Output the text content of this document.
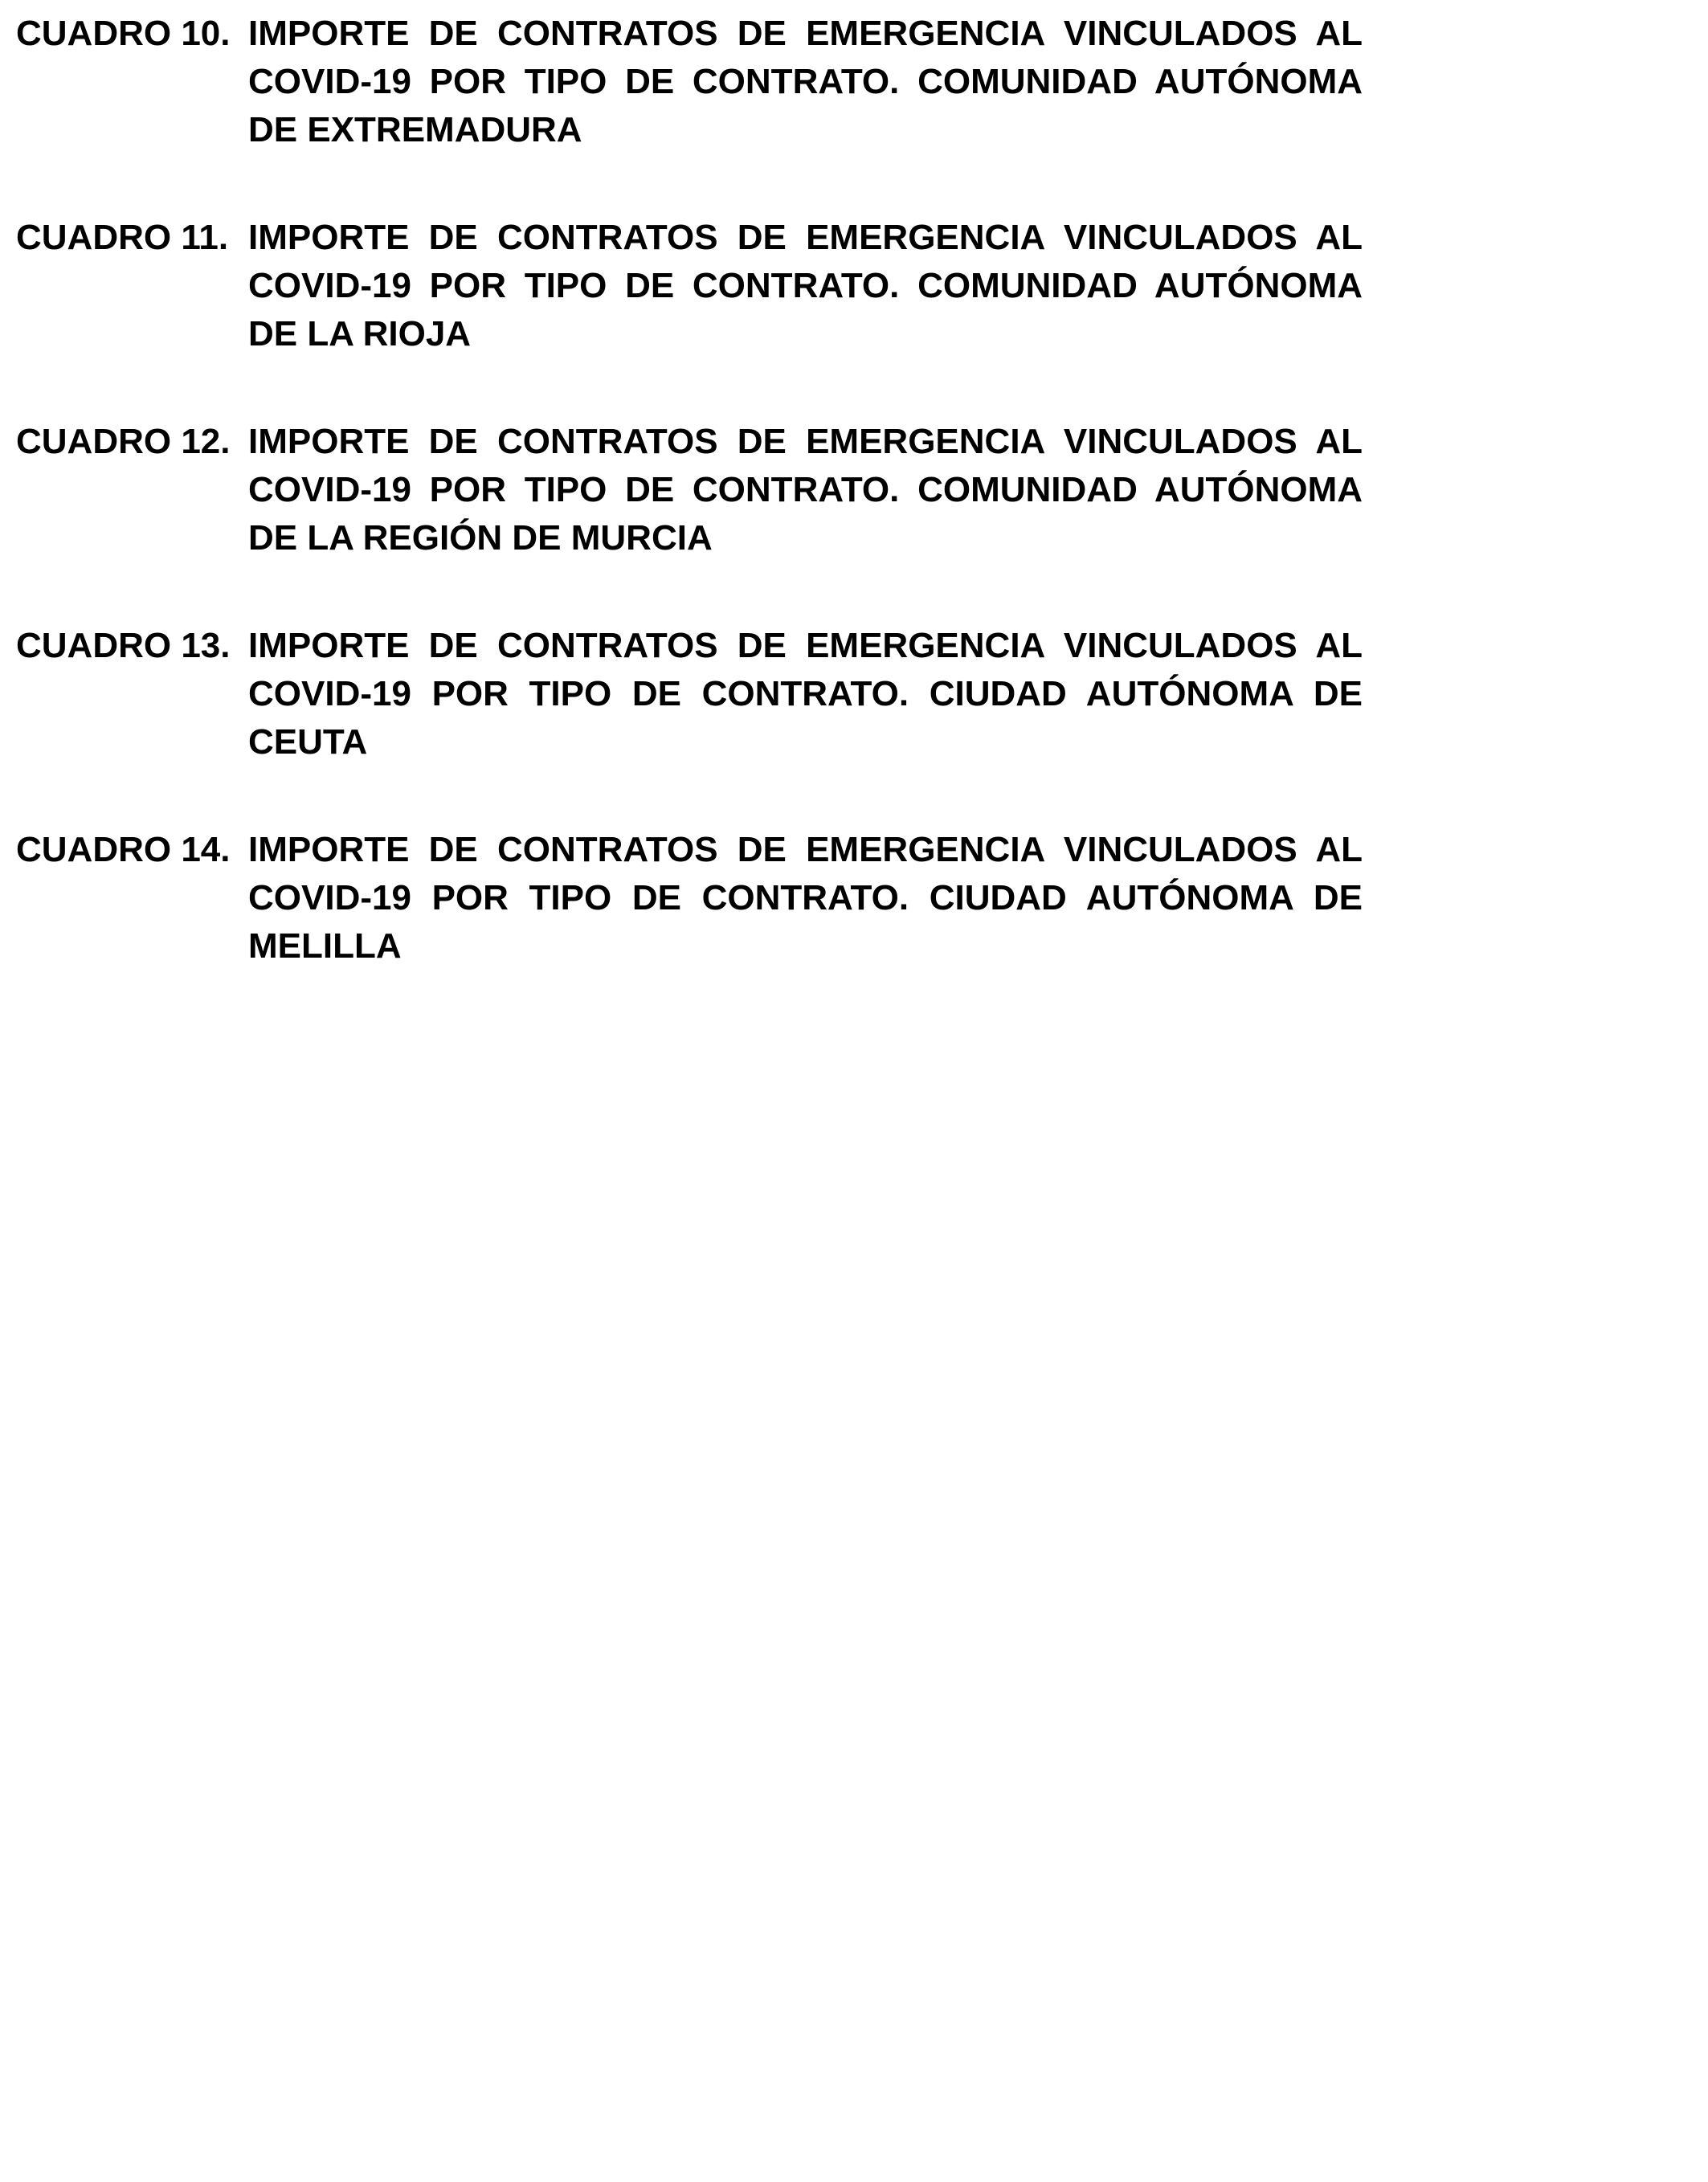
CUADRO 10. IMPORTE DE CONTRATOS DE EMERGENCIA VINCULADOS AL COVID-19 POR TIPO DE CONTRATO. COMUNIDAD AUTÓNOMA DE EXTREMADURA
CUADRO 11. IMPORTE DE CONTRATOS DE EMERGENCIA VINCULADOS AL COVID-19 POR TIPO DE CONTRATO. COMUNIDAD AUTÓNOMA DE LA RIOJA
CUADRO 12. IMPORTE DE CONTRATOS DE EMERGENCIA VINCULADOS AL COVID-19 POR TIPO DE CONTRATO. COMUNIDAD AUTÓNOMA DE LA REGIÓN DE MURCIA
CUADRO 13. IMPORTE DE CONTRATOS DE EMERGENCIA VINCULADOS AL COVID-19 POR TIPO DE CONTRATO. CIUDAD AUTÓNOMA DE CEUTA
CUADRO 14. IMPORTE DE CONTRATOS DE EMERGENCIA VINCULADOS AL COVID-19 POR TIPO DE CONTRATO. CIUDAD AUTÓNOMA DE MELILLA
